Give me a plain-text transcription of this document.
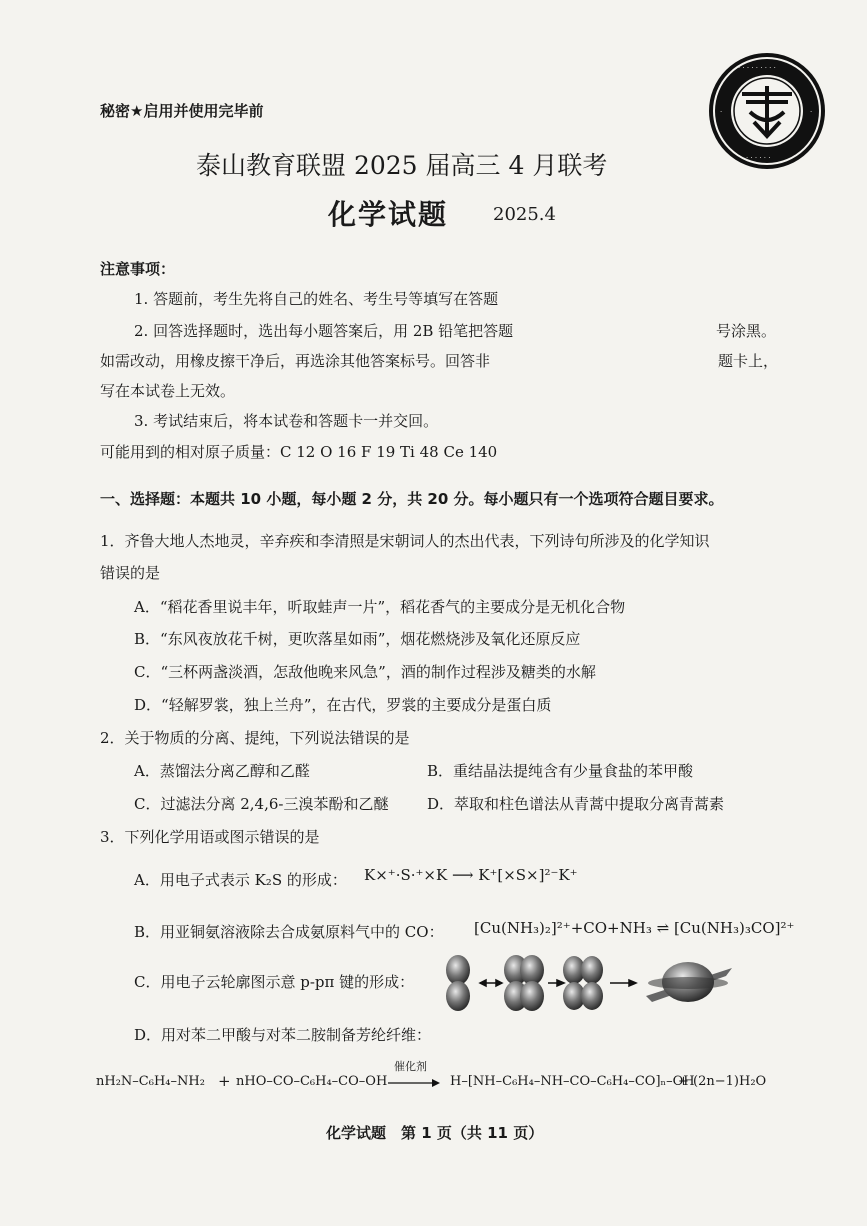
· · · · · · · · ·
·	·
· · · · · ·
秘密★启用并使用完毕前
泰山教育联盟 2025 届高三 4 月联考
化学试题 2025.4
注意事项：
1. 答题前，考生先将自己的姓名、考生号等填写在答题
2. 回答选择题时，选出每小题答案后，用 2B 铅笔把答题	号涂黑。
如需改动，用橡皮擦干净后，再选涂其他答案标号。回答非	题卡上，
写在本试卷上无效。
3. 考试结束后，将本试卷和答题卡一并交回。
可能用到的相对原子质量：C 12 O 16 F 19 Ti 48 Ce 140
一、选择题：本题共 10 小题，每小题 2 分，共 20 分。每小题只有一个选项符合题目要求。
1．齐鲁大地人杰地灵，辛弃疾和李清照是宋朝词人的杰出代表，下列诗句所涉及的化学知识
错误的是
A．“稻花香里说丰年，听取蛙声一片”，稻花香气的主要成分是无机化合物
B．“东风夜放花千树，更吹落星如雨”，烟花燃烧涉及氧化还原反应
C．“三杯两盏淡酒，怎敌他晚来风急”，酒的制作过程涉及糖类的水解
D．“轻解罗裳，独上兰舟”，在古代，罗裳的主要成分是蛋白质
2．关于物质的分离、提纯，下列说法错误的是
A．蒸馏法分离乙醇和乙醛	B．重结晶法提纯含有少量食盐的苯甲酸
C．过滤法分离 2,4,6-三溴苯酚和乙醚	D．萃取和柱色谱法从青蒿中提取分离青蒿素
3．下列化学用语或图示错误的是
A．用电子式表示 K₂S 的形成： K×⁺·S·⁺×K ⟶ K⁺[×S×]²⁻K⁺
B．用亚铜氨溶液除去合成氨原料气中的 CO： [Cu(NH₃)₂]²⁺+CO+NH₃ ⇌ [Cu(NH₃)₃CO]²⁺
C．用电子云轮廓图示意 p-pπ 键的形成：
D．用对苯二甲酸与对苯二胺制备芳纶纤维：
nH₂N–C₆H₄–NH₂ + nHO–CO–C₆H₄–CO–OH
催化剂
→ H–[NH–C₆H₄–NH–CO–C₆H₄–CO]ₙ–OH
+ (2n−1)H₂O
化学试题　第 1 页（共 11 页）
